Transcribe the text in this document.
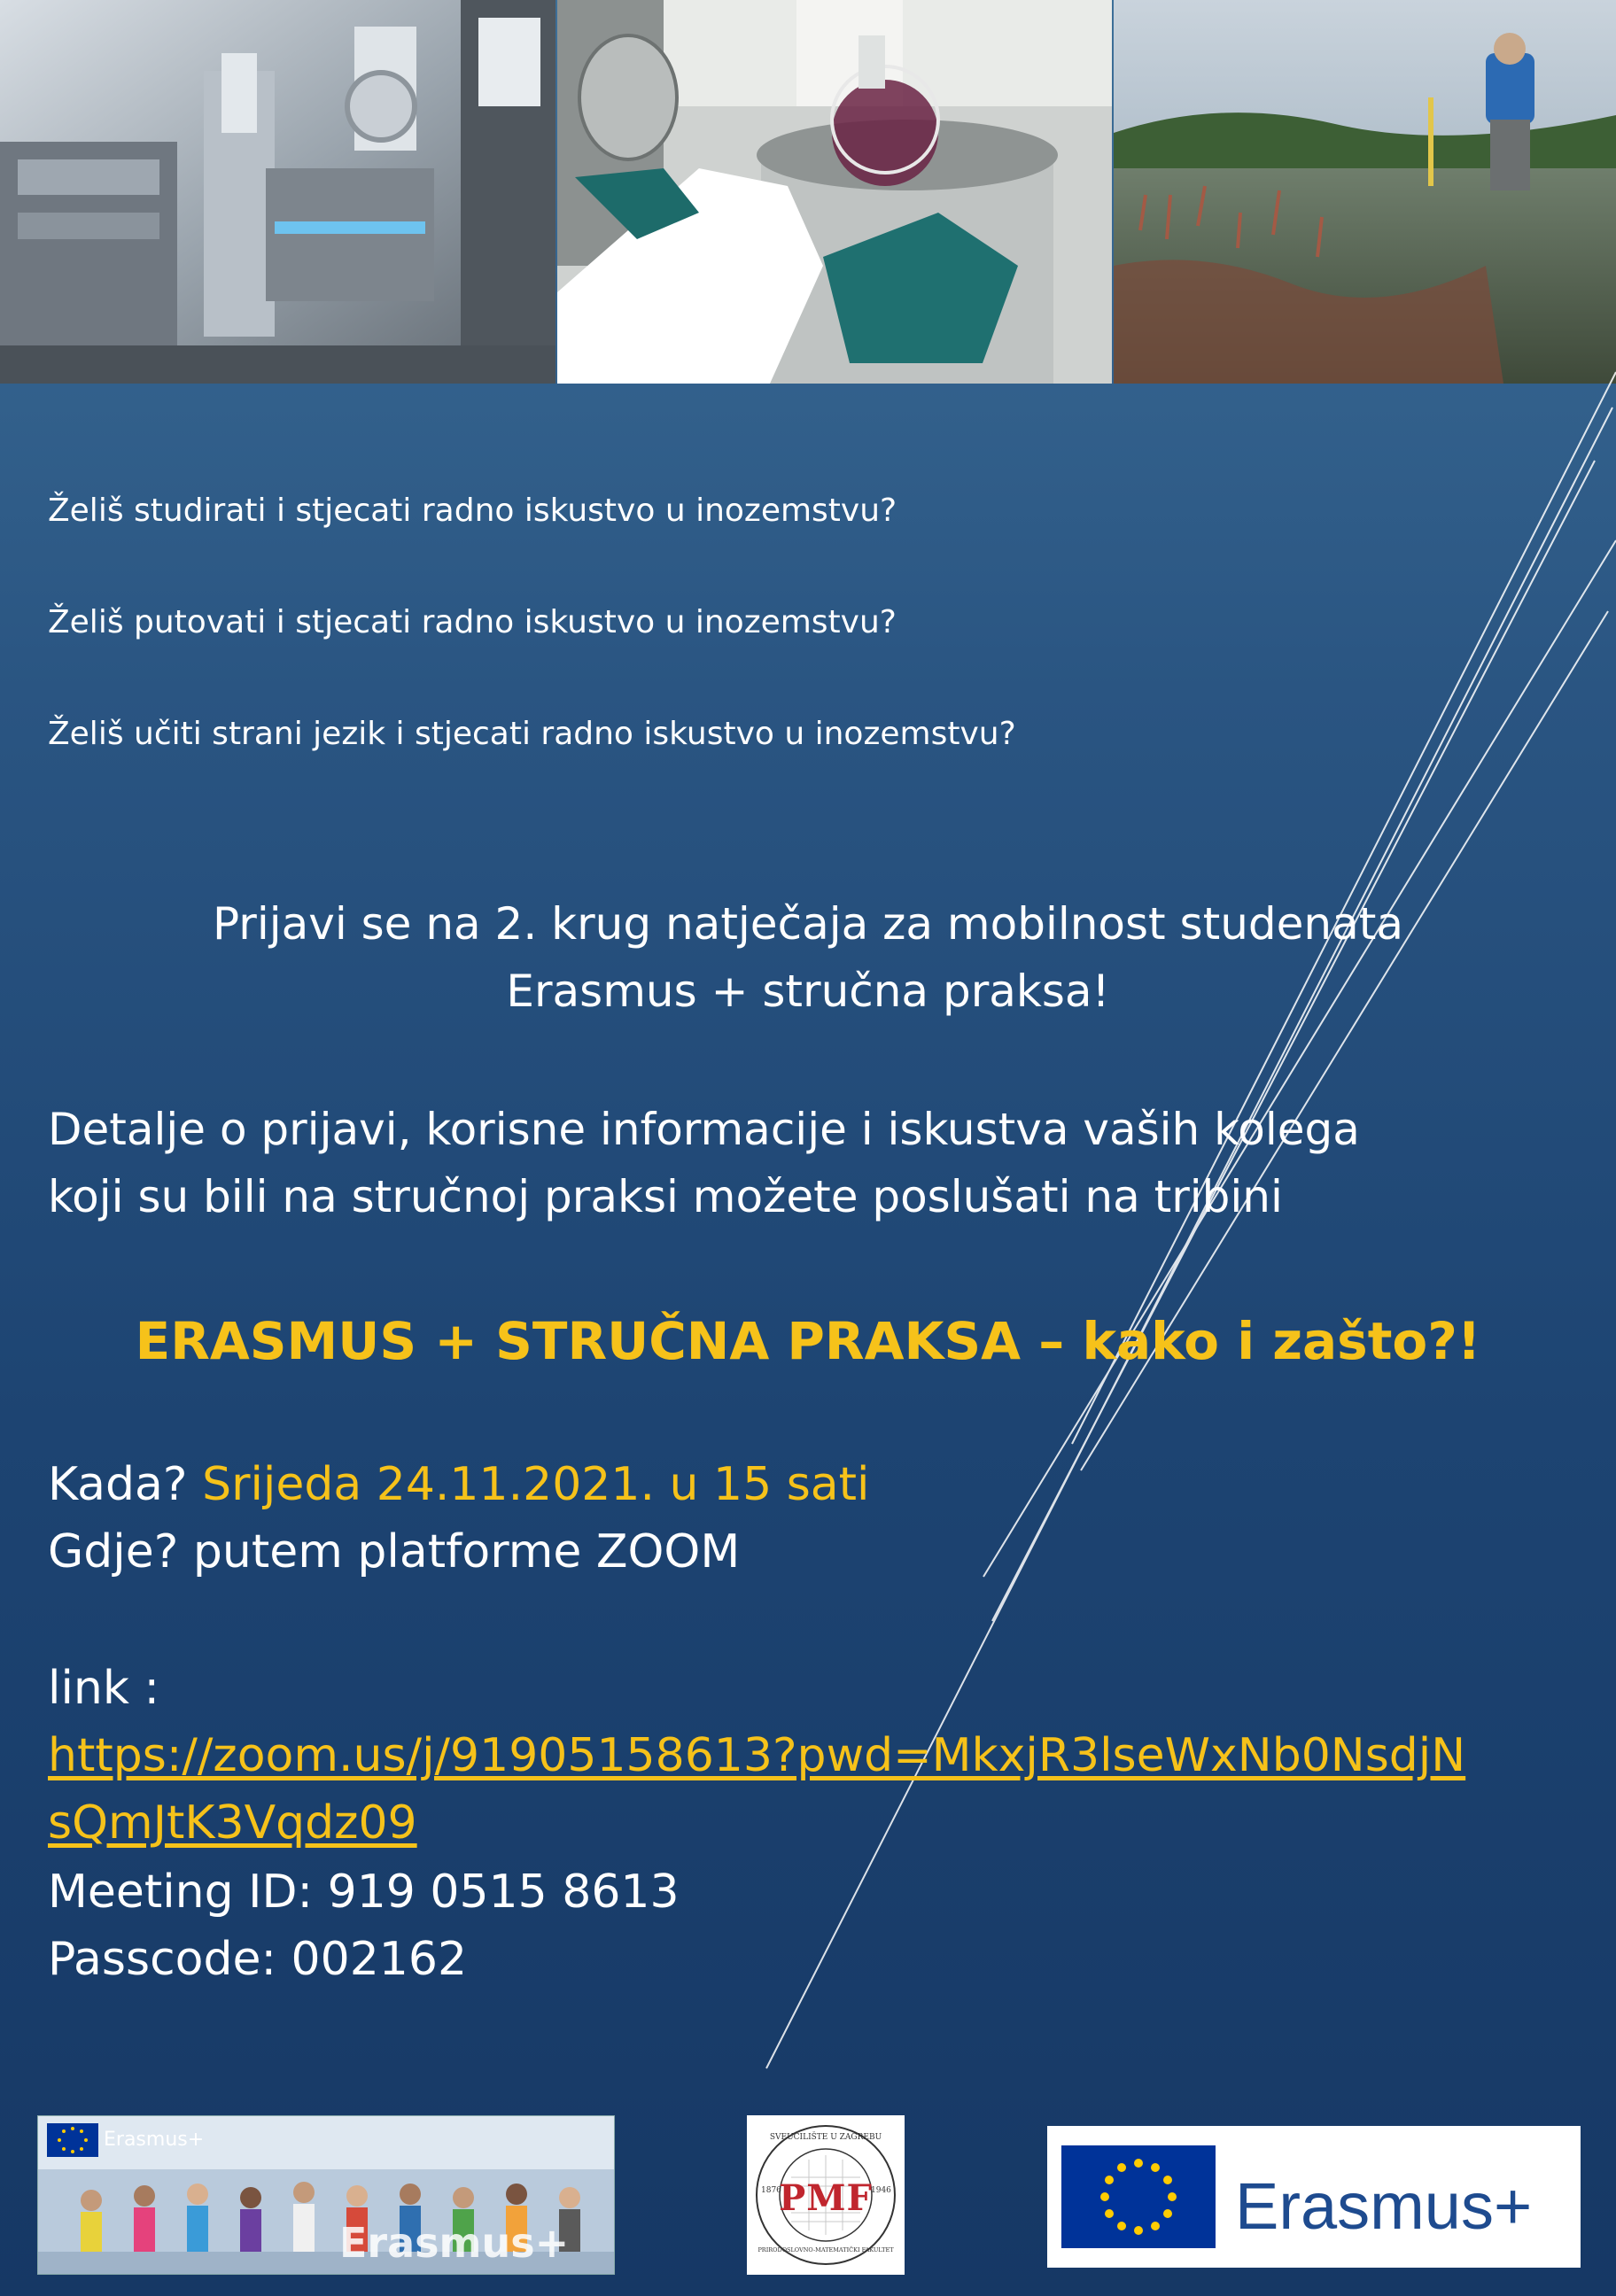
Želiš studirati i stjecati radno iskustvo u inozemstvu?
Želiš putovati i stjecati radno iskustvo u inozemstvu?
Želiš učiti strani jezik i stjecati radno iskustvo u inozemstvu?
Prijavi se na 2. krug natječaja za mobilnost studenata
Erasmus + stručna praksa!
Detalje o prijavi, korisne informacije i iskustva vaših kolega
koji su bili na stručnoj praksi možete poslušati na tribini
ERASMUS + STRUČNA PRAKSA – kako i zašto?!
Kada? Srijeda 24.11.2021. u 15 sati
Gdje? putem platforme ZOOM
link :
https://zoom.us/j/91905158613?pwd=MkxjR3lseWxNb0NsdjN
sQmJtK3Vqdz09
Meeting ID: 919 0515 8613
Passcode: 002162
Erasmus+
Erasmus+
PMF
SVEUČILIŠTE U ZAGREBU
PRIRODOSLOVNO-MATEMATIČKI FAKULTET
1876	1946	Erasmus+
